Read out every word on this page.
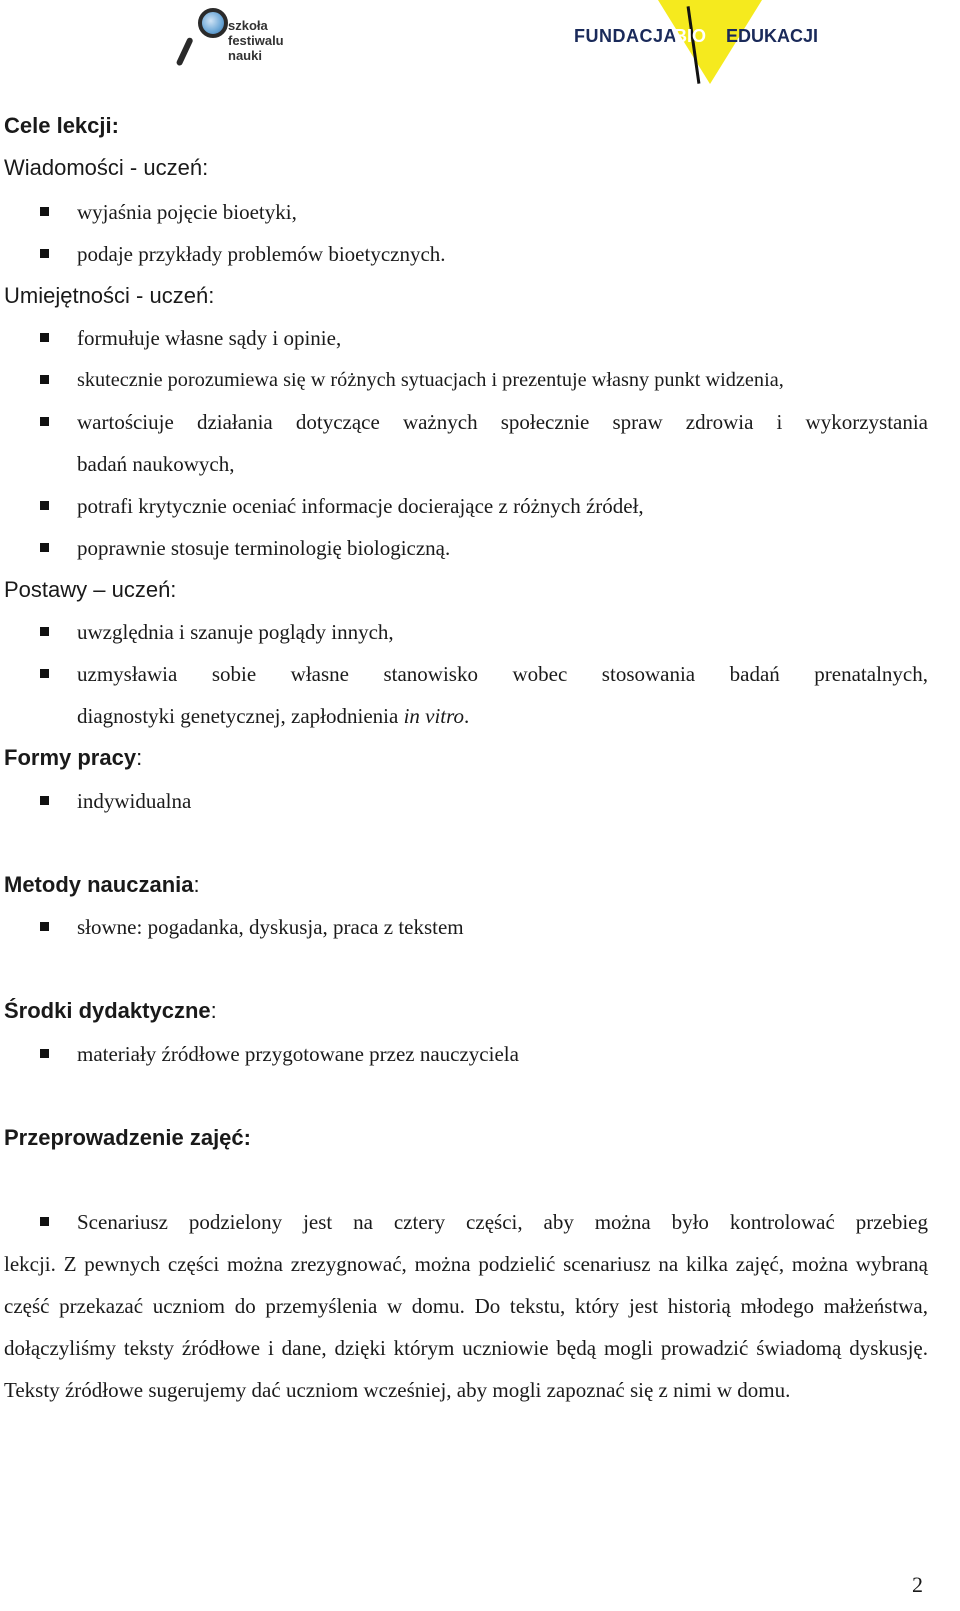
szkoła
festiwalu
nauki
FUNDACJA
BIO EDUKACJI
Cele lekcji:
Wiadomości - uczeń:
wyjaśnia pojęcie bioetyki,
podaje przykłady problemów bioetycznych.
Umiejętności - uczeń:
formułuje własne sądy i opinie,
skutecznie porozumiewa się w różnych sytuacjach i prezentuje własny punkt widzenia,
wartościuje działania dotyczące ważnych społecznie spraw zdrowia i wykorzystania
badań naukowych,
potrafi krytycznie oceniać informacje docierające z różnych źródeł,
poprawnie stosuje terminologię biologiczną.
Postawy – uczeń:
uwzględnia i szanuje poglądy innych,
uzmysławia sobie własne stanowisko wobec stosowania badań prenatalnych,
diagnostyki genetycznej, zapłodnienia in vitro.
Formy pracy:
indywidualna
Metody nauczania:
słowne: pogadanka, dyskusja, praca z tekstem
Środki dydaktyczne:
materiały źródłowe przygotowane przez nauczyciela
Przeprowadzenie zajęć:
Scenariusz podzielony jest na cztery części, aby można było kontrolować przebieg
lekcji. Z pewnych części można zrezygnować, można podzielić scenariusz na kilka zajęć, można wybraną część przekazać uczniom do przemyślenia w domu. Do tekstu, który jest historią młodego małżeństwa, dołączyliśmy teksty źródłowe i dane, dzięki którym uczniowie będą mogli prowadzić świadomą dyskusję. Teksty źródłowe sugerujemy dać uczniom wcześniej, aby mogli zapoznać się z nimi w domu.
2
